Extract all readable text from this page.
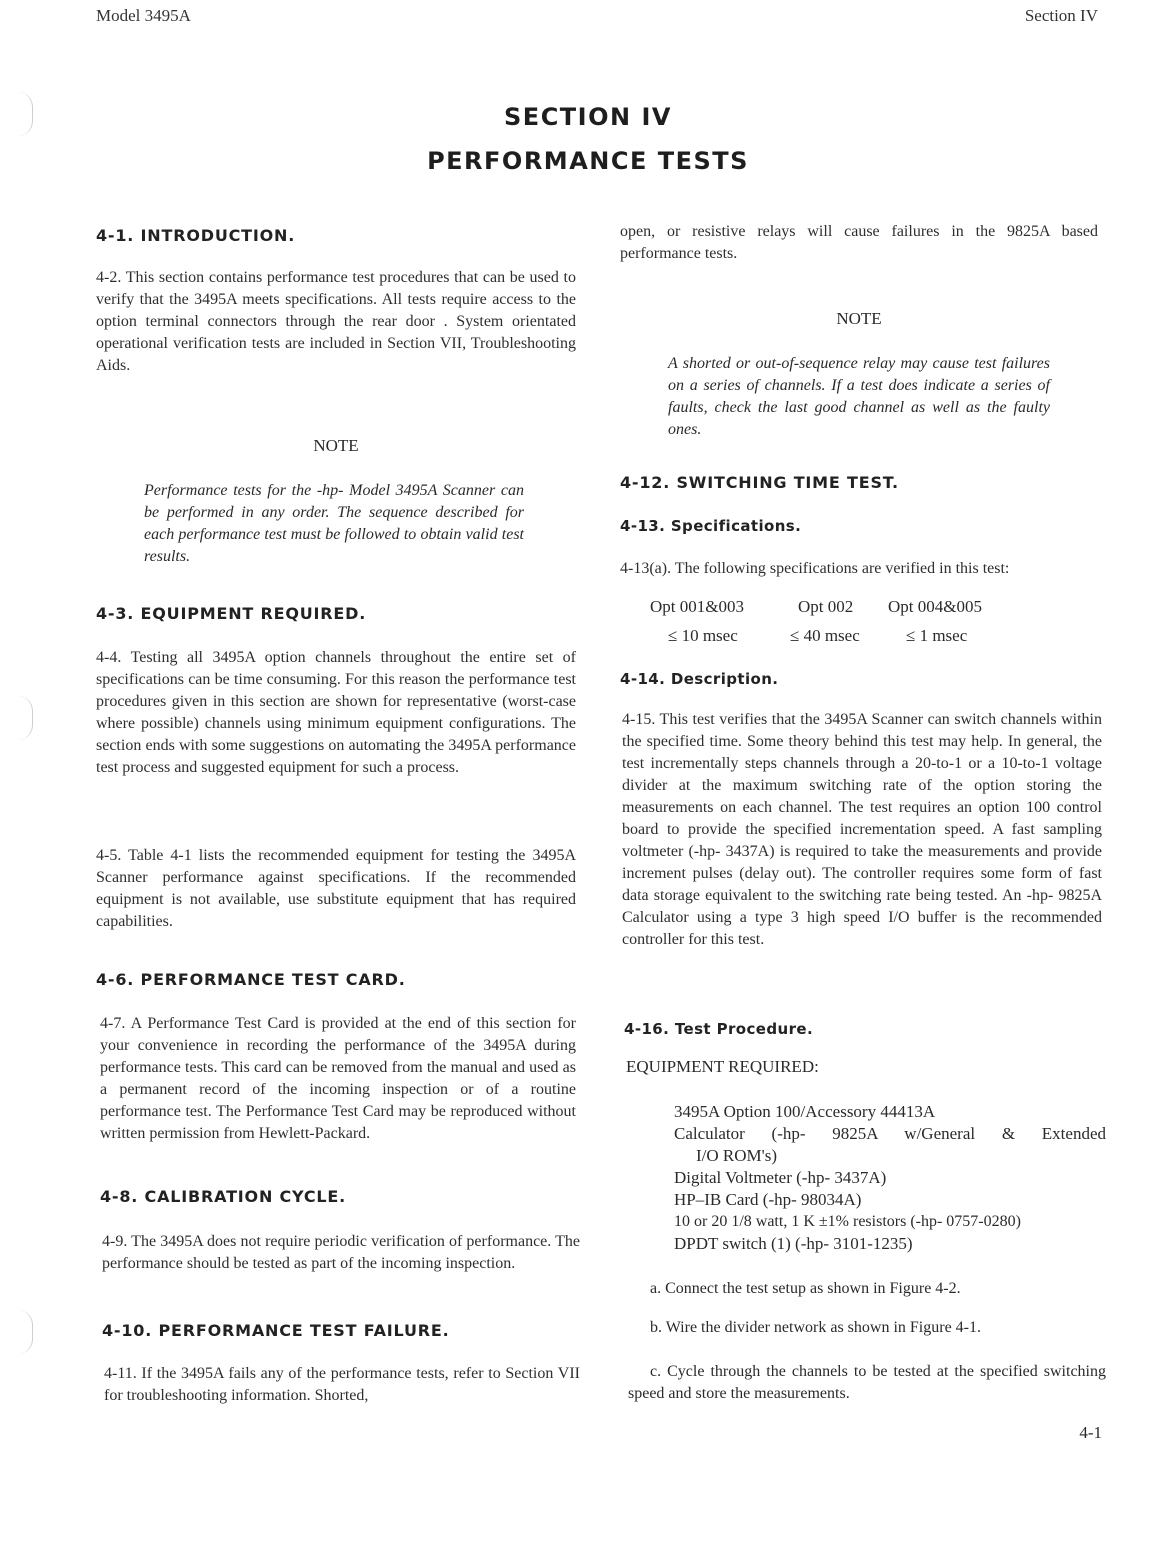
Model 3495A	Section IV
SECTION IV
PERFORMANCE TESTS
4-1. INTRODUCTION.

4-2. This section contains performance test procedures that can be used to verify that the 3495A meets specifications. All tests require access to the option terminal connectors through the rear door . System orientated operational verification tests are included in Section VII, Troubleshooting Aids.

NOTE

Performance tests for the -hp- Model 3495A Scanner can be performed in any order. The sequence described for each performance test must be followed to obtain valid test results.

4-3. EQUIPMENT REQUIRED.

4-4. Testing all 3495A option channels throughout the entire set of specifications can be time consuming. For this reason the performance test procedures given in this section are shown for representative (worst-case where possible) channels using minimum equipment configurations. The section ends with some suggestions on automating the 3495A performance test process and suggested equipment for such a process.

4-5. Table 4-1 lists the recommended equipment for testing the 3495A Scanner performance against specifications. If the recommended equipment is not available, use substitute equipment that has required capabilities.

4-6. PERFORMANCE TEST CARD.

4-7. A Performance Test Card is provided at the end of this section for your convenience in recording the performance of the 3495A during performance tests. This card can be removed from the manual and used as a permanent record of the incoming inspection or of a routine performance test. The Performance Test Card may be reproduced without written permission from Hewlett-Packard.

4-8. CALIBRATION CYCLE.

4-9. The 3495A does not require periodic verification of performance. The performance should be tested as part of the incoming inspection.

4-10. PERFORMANCE TEST FAILURE.

4-11. If the 3495A fails any of the performance tests, refer to Section VII for troubleshooting information. Shorted,

open, or resistive relays will cause failures in the 9825A based performance tests.

NOTE

A shorted or out-of-sequence relay may cause test failures on a series of channels. If a test does indicate a series of faults, check the last good channel as well as the faulty ones.

4-12. SWITCHING TIME TEST.
4-13. Specifications.

4-13(a). The following specifications are verified in this test:

Opt 001&003	Opt 002 Opt 004&005
≤ 10 msec	≤ 40 msec	≤ 1 msec
4-14. Description.

4-15. This test verifies that the 3495A Scanner can switch channels within the specified time. Some theory behind this test may help. In general, the test incrementally steps channels through a 20-to-1 or a 10-to-1 voltage divider at the maximum switching rate of the option storing the measurements on each channel. The test requires an option 100 control board to provide the specified incrementation speed. A fast sampling voltmeter (-hp- 3437A) is required to take the measurements and provide increment pulses (delay out). The controller requires some form of fast data storage equivalent to the switching rate being tested. An -hp- 9825A Calculator using a type 3 high speed I/O buffer is the recommended controller for this test.

4-16. Test Procedure.
EQUIPMENT REQUIRED:
3495A Option 100/Accessory 44413A
Calculator (-hp- 9825A w/General & Extended
I/O ROM's)
Digital Voltmeter (-hp- 3437A)
HP–IB Card (-hp- 98034A)
10 or 20 1/8 watt, 1 K ±1% resistors (-hp- 0757-0280)
DPDT switch (1) (-hp- 3101-1235)

a. Connect the test setup as shown in Figure 4-2.

b. Wire the divider network as shown in Figure 4-1.

c. Cycle through the channels to be tested at the specified switching speed and store the measurements.

4-1
